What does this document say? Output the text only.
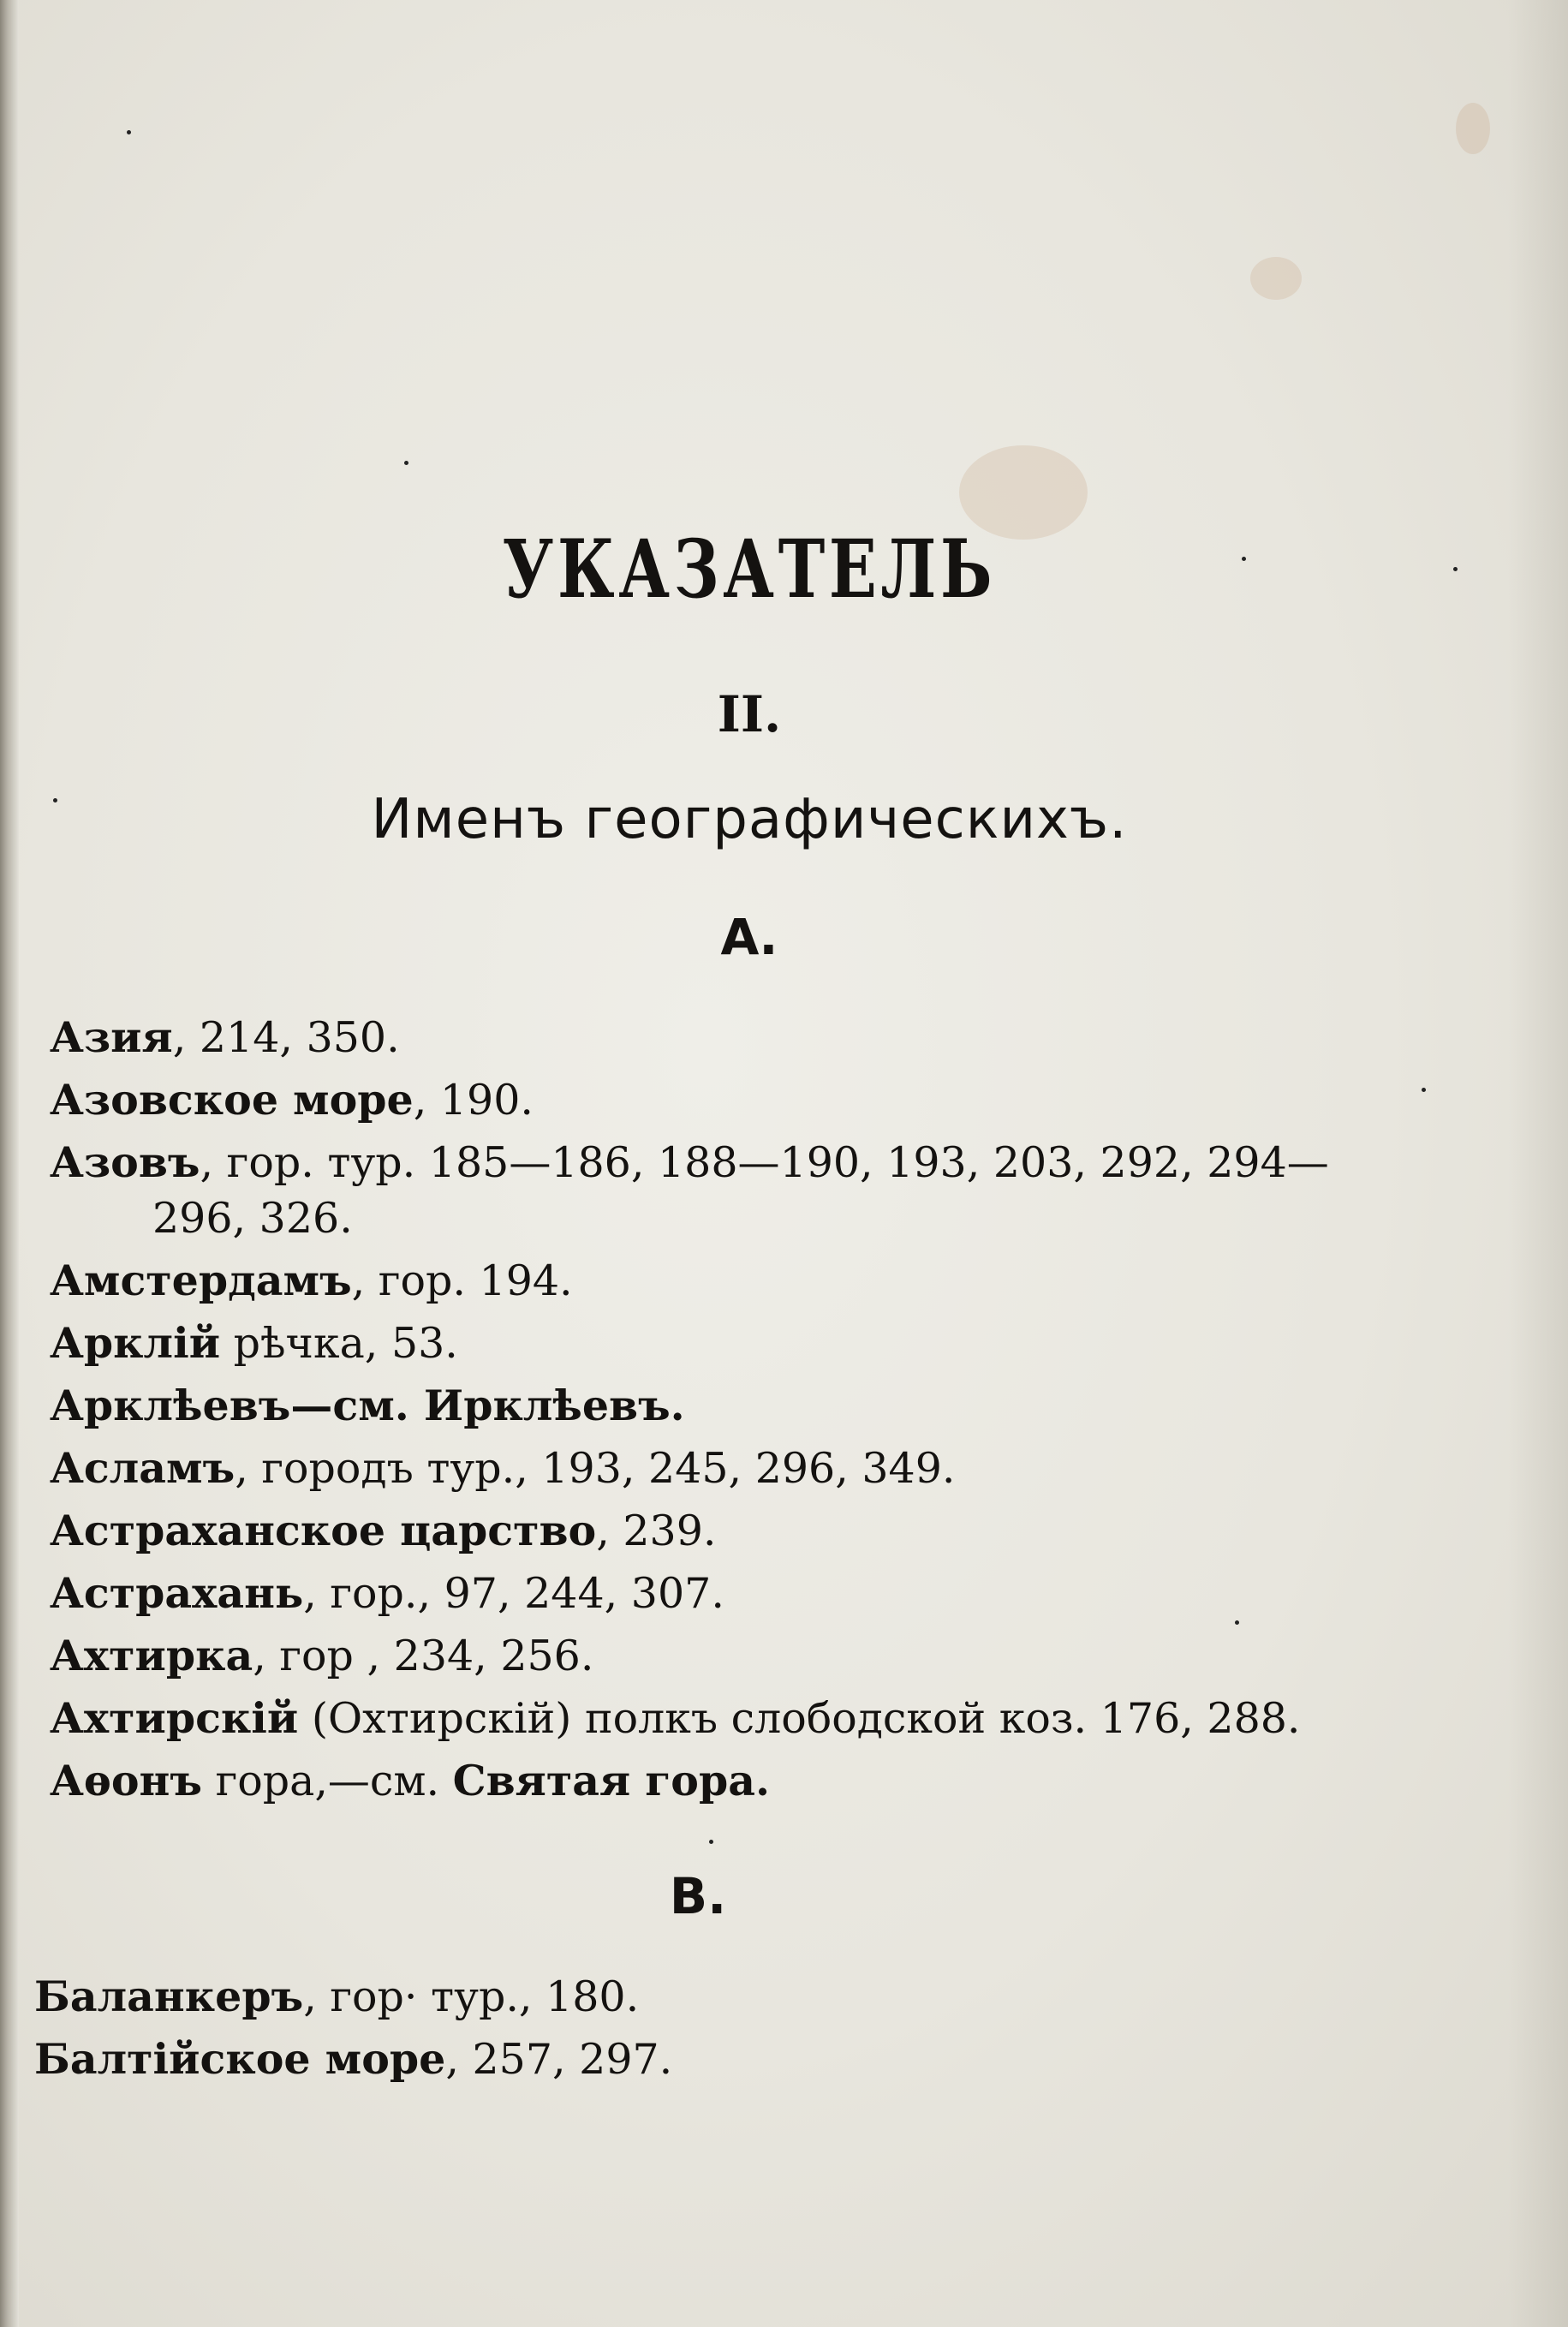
УКАЗАТЕЛЬ
II.
Именъ географическихъ.
А.
Азия, 214, 350.
Азовское море, 190.
Азовъ, гор. тур. 185—186, 188—190, 193, 203, 292, 294—
296, 326.
Амстердамъ, гор. 194.
Арклій рѣчка, 53.
Арклѣевъ—см. Ирклѣевъ.
Асламъ, городъ тур., 193, 245, 296, 349.
Астраханское царство, 239.
Астрахань, гор., 97, 244, 307.
Ахтирка, гор , 234, 256.
Ахтирскій (Охтирскій) полкъ слободской коз. 176, 288.
Аѳонъ гора,—см. Святая гора.
В.
Баланкеръ, гор· тур., 180.
Балтійское море, 257, 297.
